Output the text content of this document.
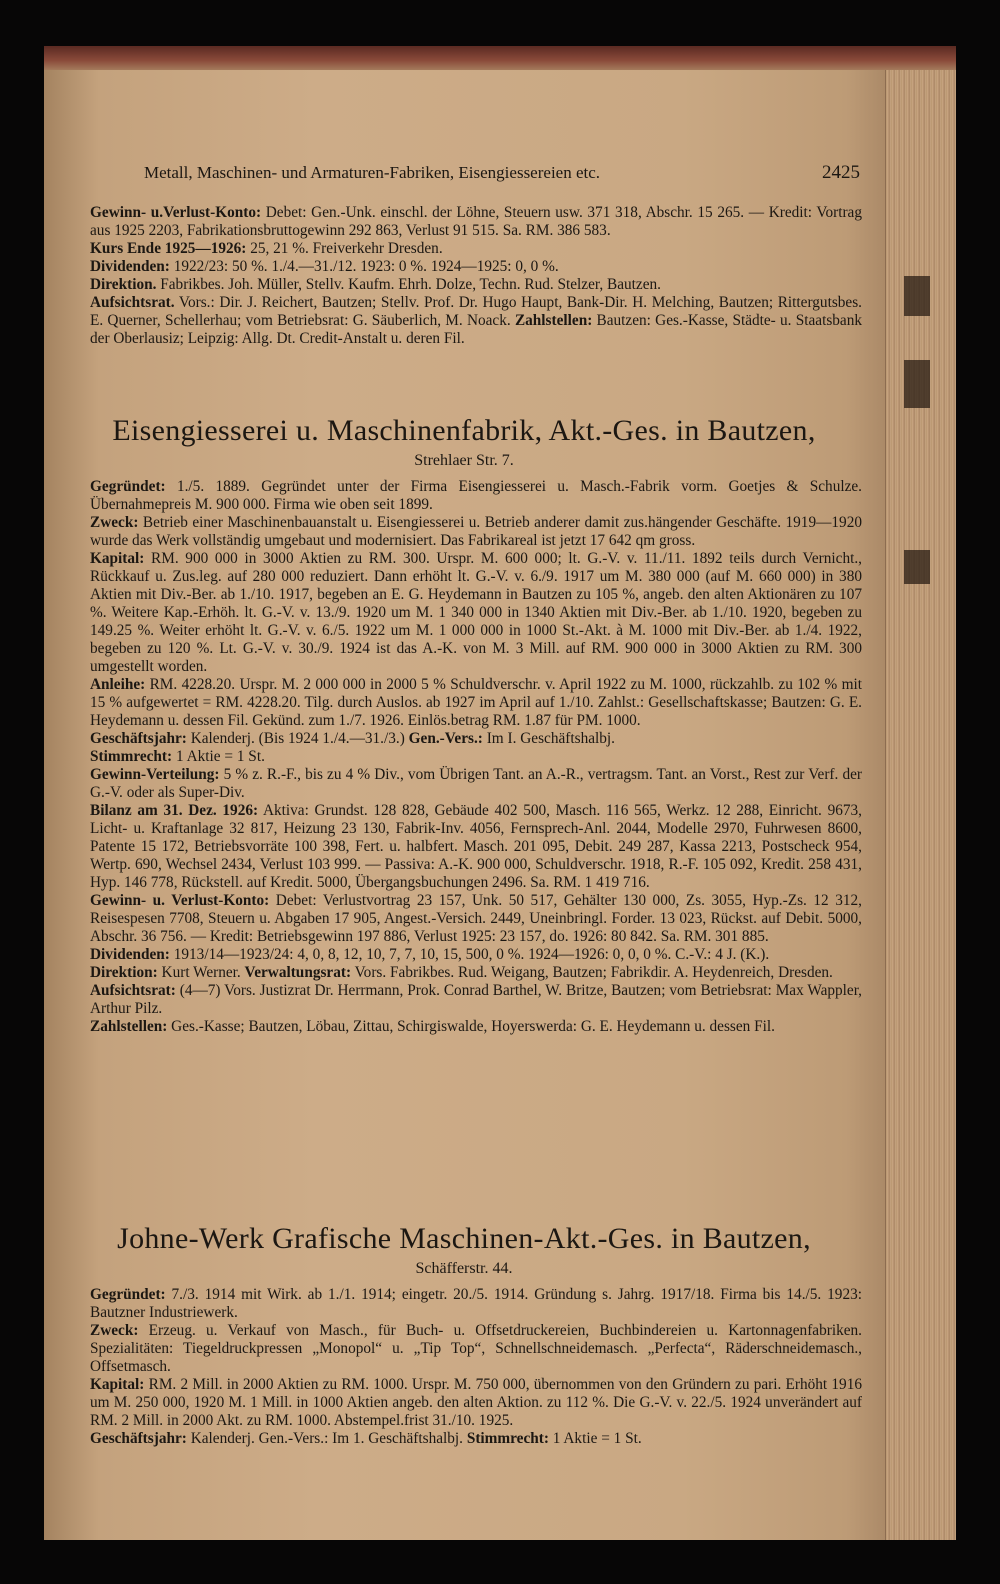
Metall, Maschinen- und Armaturen-Fabriken, Eisengiessereien etc.	2425

Gewinn- u.Verlust-Konto: Debet: Gen.-Unk. einschl. der Löhne, Steuern usw. 371 318, Abschr. 15 265. — Kredit: Vortrag aus 1925 2203, Fabrikationsbruttogewinn 292 863, Verlust 91 515. Sa. RM. 386 583.

Kurs Ende 1925—1926: 25, 21 %. Freiverkehr Dresden.

Dividenden: 1922/23: 50 %. 1./4.—31./12. 1923: 0 %. 1924—1925: 0, 0 %.

Direktion. Fabrikbes. Joh. Müller, Stellv. Kaufm. Ehrh. Dolze, Techn. Rud. Stelzer, Bautzen.

Aufsichtsrat. Vors.: Dir. J. Reichert, Bautzen; Stellv. Prof. Dr. Hugo Haupt, Bank-Dir. H. Melching, Bautzen; Rittergutsbes. E. Querner, Schellerhau; vom Betriebsrat: G. Säuberlich, M. Noack. Zahlstellen: Bautzen: Ges.-Kasse, Städte- u. Staatsbank der Oberlausiz; Leipzig: Allg. Dt. Credit-Anstalt u. deren Fil.

Eisengiesserei u. Maschinenfabrik, Akt.-Ges. in Bautzen,
Strehlaer Str. 7.

Gegründet: 1./5. 1889. Gegründet unter der Firma Eisengiesserei u. Masch.-Fabrik vorm. Goetjes & Schulze. Übernahmepreis M. 900 000. Firma wie oben seit 1899.

Zweck: Betrieb einer Maschinenbauanstalt u. Eisengiesserei u. Betrieb anderer damit zus.hängender Geschäfte. 1919—1920 wurde das Werk vollständig umgebaut und modernisiert. Das Fabrikareal ist jetzt 17 642 qm gross.

Kapital: RM. 900 000 in 3000 Aktien zu RM. 300. Urspr. M. 600 000; lt. G.-V. v. 11./11. 1892 teils durch Vernicht., Rückkauf u. Zus.leg. auf 280 000 reduziert. Dann erhöht lt. G.-V. v. 6./9. 1917 um M. 380 000 (auf M. 660 000) in 380 Aktien mit Div.-Ber. ab 1./10. 1917, begeben an E. G. Heydemann in Bautzen zu 105 %, angeb. den alten Aktionären zu 107 %. Weitere Kap.-Erhöh. lt. G.-V. v. 13./9. 1920 um M. 1 340 000 in 1340 Aktien mit Div.-Ber. ab 1./10. 1920, begeben zu 149.25 %. Weiter erhöht lt. G.-V. v. 6./5. 1922 um M. 1 000 000 in 1000 St.-Akt. à M. 1000 mit Div.-Ber. ab 1./4. 1922, begeben zu 120 %. Lt. G.-V. v. 30./9. 1924 ist das A.-K. von M. 3 Mill. auf RM. 900 000 in 3000 Aktien zu RM. 300 umgestellt worden.

Anleihe: RM. 4228.20. Urspr. M. 2 000 000 in 2000 5 % Schuldverschr. v. April 1922 zu M. 1000, rückzahlb. zu 102 % mit 15 % aufgewertet = RM. 4228.20. Tilg. durch Auslos. ab 1927 im April auf 1./10. Zahlst.: Gesellschaftskasse; Bautzen: G. E. Heydemann u. dessen Fil. Gekünd. zum 1./7. 1926. Einlös.betrag RM. 1.87 für PM. 1000.

Geschäftsjahr: Kalenderj. (Bis 1924 1./4.—31./3.) Gen.-Vers.: Im I. Geschäftshalbj.

Stimmrecht: 1 Aktie = 1 St.

Gewinn-Verteilung: 5 % z. R.-F., bis zu 4 % Div., vom Übrigen Tant. an A.-R., vertragsm. Tant. an Vorst., Rest zur Verf. der G.-V. oder als Super-Div.

Bilanz am 31. Dez. 1926: Aktiva: Grundst. 128 828, Gebäude 402 500, Masch. 116 565, Werkz. 12 288, Einricht. 9673, Licht- u. Kraftanlage 32 817, Heizung 23 130, Fabrik-Inv. 4056, Fernsprech-Anl. 2044, Modelle 2970, Fuhrwesen 8600, Patente 15 172, Betriebsvorräte 100 398, Fert. u. halbfert. Masch. 201 095, Debit. 249 287, Kassa 2213, Postscheck 954, Wertp. 690, Wechsel 2434, Verlust 103 999. — Passiva: A.-K. 900 000, Schuldverschr. 1918, R.-F. 105 092, Kredit. 258 431, Hyp. 146 778, Rückstell. auf Kredit. 5000, Übergangsbuchungen 2496. Sa. RM. 1 419 716.

Gewinn- u. Verlust-Konto: Debet: Verlustvortrag 23 157, Unk. 50 517, Gehälter 130 000, Zs. 3055, Hyp.-Zs. 12 312, Reisespesen 7708, Steuern u. Abgaben 17 905, Angest.-Versich. 2449, Uneinbringl. Forder. 13 023, Rückst. auf Debit. 5000, Abschr. 36 756. — Kredit: Betriebsgewinn 197 886, Verlust 1925: 23 157, do. 1926: 80 842. Sa. RM. 301 885.

Dividenden: 1913/14—1923/24: 4, 0, 8, 12, 10, 7, 7, 10, 15, 500, 0 %. 1924—1926: 0, 0, 0 %. C.-V.: 4 J. (K.).

Direktion: Kurt Werner. Verwaltungsrat: Vors. Fabrikbes. Rud. Weigang, Bautzen; Fabrikdir. A. Heydenreich, Dresden.

Aufsichtsrat: (4—7) Vors. Justizrat Dr. Herrmann, Prok. Conrad Barthel, W. Britze, Bautzen; vom Betriebsrat: Max Wappler, Arthur Pilz.

Zahlstellen: Ges.-Kasse; Bautzen, Löbau, Zittau, Schirgiswalde, Hoyerswerda: G. E. Heydemann u. dessen Fil.

Johne-Werk Grafische Maschinen-Akt.-Ges. in Bautzen,
Schäfferstr. 44.

Gegründet: 7./3. 1914 mit Wirk. ab 1./1. 1914; eingetr. 20./5. 1914. Gründung s. Jahrg. 1917/18. Firma bis 14./5. 1923: Bautzner Industriewerk.

Zweck: Erzeug. u. Verkauf von Masch., für Buch- u. Offsetdruckereien, Buchbindereien u. Kartonnagenfabriken. Spezialitäten: Tiegeldruckpressen „Monopol“ u. „Tip Top“, Schnellschneidemasch. „Perfecta“, Räderschneidemasch., Offsetmasch.

Kapital: RM. 2 Mill. in 2000 Aktien zu RM. 1000. Urspr. M. 750 000, übernommen von den Gründern zu pari. Erhöht 1916 um M. 250 000, 1920 M. 1 Mill. in 1000 Aktien angeb. den alten Aktion. zu 112 %. Die G.-V. v. 22./5. 1924 unverändert auf RM. 2 Mill. in 2000 Akt. zu RM. 1000. Abstempel.frist 31./10. 1925.

Geschäftsjahr: Kalenderj. Gen.-Vers.: Im 1. Geschäftshalbj. Stimmrecht: 1 Aktie = 1 St.
